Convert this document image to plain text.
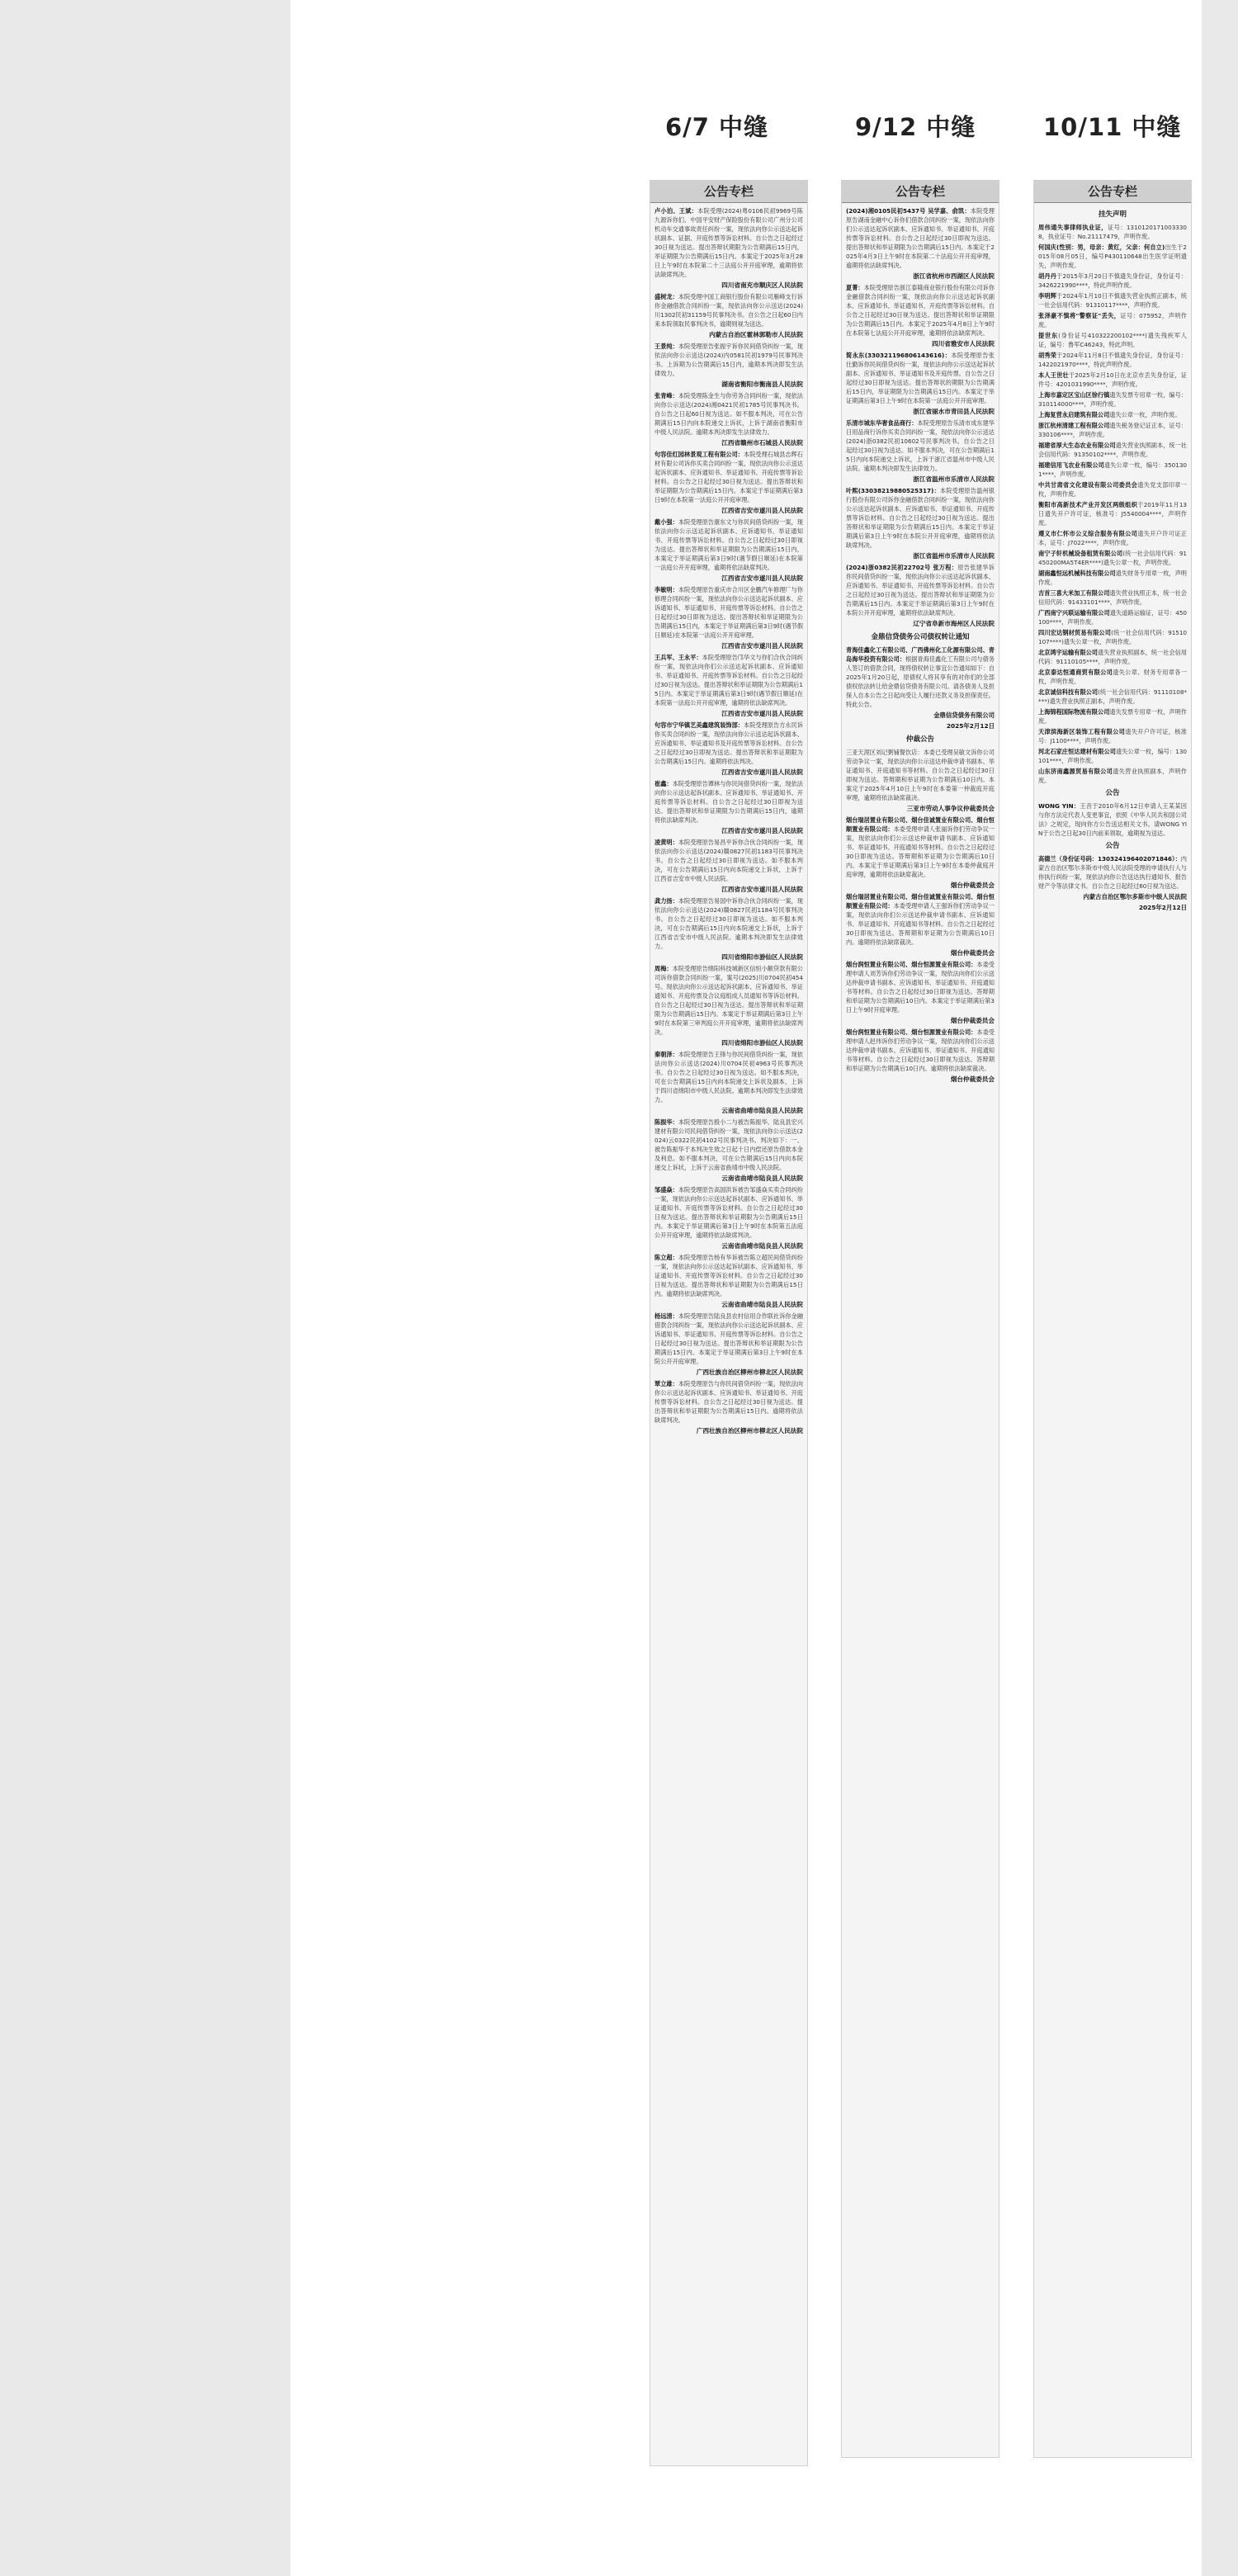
6/7 中缝	9/12 中缝	10/11 中缝
公告专栏

卢小泊、王斌：本院受理(2024)粤0106民初9969号陈九源诉你们、中国平安财产保险股份有限公司广州分公司机动车交通事故责任纠纷一案，现依法向你公示送达起诉状副本、证据、开庭传票等诉讼材料。自公告之日起经过30日视为送达。提出答辩状期限为公告期满后15日内，举证期限为公告期满后15日内。本案定于2025年3月28日上午9时在本院第二十三法庭公开开庭审理，逾期将依法缺席判决。

四川省南充市顺庆区人民法院

盛树龙：本院受理中国工商银行股份有限公司雁峰支行诉你金融借款合同纠纷一案，现依法向你公示送达(2024)川1302民初31159号民事判决书。自公告之日起60日内来本院领取民事判决书，逾期则视为送达。

内蒙古自治区霍林郭勒市人民法院

王景纯：本院受理原告张振宇诉你民间借贷纠纷一案，现依法向你公示送达(2024)内0581民初1979号民事判决书。上诉期为公告期满后15日内，逾期本判决即发生法律效力。

湖南省衡阳市衡南县人民法院

张青峰：本院受理陈金生与你劳务合同纠纷一案，现依法向你公示送达(2024)湘0421民初1785号民事判决书。自公告之日起60日视为送达。如不服本判决，可在公告期满后15日内向本院递交上诉状，上诉于湖南省衡阳市中级人民法院。逾期本判决即发生法律效力。

江西省赣州市石城县人民法院

句容佳红园林景观工程有限公司：本院受理石城县志辉石材有限公司诉你买卖合同纠纷一案，现依法向你公示送达起诉状副本、应诉通知书、举证通知书、开庭传票等诉讼材料。自公告之日起经过30日视为送达。提出答辩状和举证期限为公告期满后15日内。本案定于举证期满后第3日9时在本院第一法庭公开开庭审理。

江西省吉安市遂川县人民法院

戴小强：本院受理原告康东文与你民间借贷纠纷一案，现依法向你公示送达起诉状副本、应诉通知书、举证通知书、开庭传票等诉讼材料。自公告之日起经过30日即视为送达。提出答辩状和举证期限为公告期满后15日内，本案定于举证期满后第3日9时(遇节假日顺延)在本院第一法庭公开开庭审理，逾期将依法缺席判决。

江西省吉安市遂川县人民法院

李敏明：本院受理原告重庆市合川区金鹏汽车修理厂与你修理合同纠纷一案，现依法向你公示送达起诉状副本、应诉通知书、举证通知书、开庭传票等诉讼材料。自公告之日起经过30日即视为送达。提出答辩状和举证期限为公告期满后15日内，本案定于举证期满后第3日9时(遇节假日顺延)在本院第一法庭公开开庭审理。

江西省吉安市遂川县人民法院

王兵军、王永平：本院受理原告邝华文与你们合伙合同纠纷一案，现依法向你们公示送达起诉状副本、应诉通知书、举证通知书、开庭传票等诉讼材料。自公告之日起经过30日视为送达。提出答辩状和举证期限为公告期满后15日内。本案定于举证期满后第3日9时(遇节假日顺延)在本院第一法庭公开开庭审理，逾期将依法缺席判决。

江西省吉安市遂川县人民法院

句容市宁华镇艺美鑫建筑装饰部：本院受理原告方永民诉你买卖合同纠纷一案，现依法向你公示送达起诉状副本、应诉通知书、举证通知书及开庭传票等诉讼材料。自公告之日起经过30日即视为送达。提出答辩状和举证期限为公告期满后15日内。逾期将依法判决。

江西省吉安市遂川县人民法院

崔鑫：本院受理原告谭林与你民间借贷纠纷一案，现依法向你公示送达起诉状副本、应诉通知书、举证通知书、开庭传票等诉讼材料。自公告之日起经过30日即视为送达。提出答辩状和举证期限为公告期满后15日内，逾期将依法缺席判决。

江西省吉安市遂川县人民法院

凌黄明：本院受理原告易昌平诉你合伙合同纠纷一案，现依法向你公示送达(2024)赣0827民初1183号民事判决书。自公告之日起经过30日即视为送达。如不服本判决，可在公告期满后15日内向本院递交上诉状，上诉于江西省吉安市中级人民法院。

江西省吉安市遂川县人民法院

龚力扬：本院受理原告易国中诉你合伙合同纠纷一案，现依法向你公示送达(2024)赣0827民初1184号民事判决书。自公告之日起经过30日即视为送达。如不服本判决，可在公告期满后15日内向本院递交上诉状，上诉于江西省吉安市中级人民法院。逾期本判决即发生法律效力。

四川省绵阳市游仙区人民法院

周梅：本院受理原告绵阳科技城新区信恒小额贷款有限公司诉你借款合同纠纷一案，案号(2025)川0704民初454号。现依法向你公示送达起诉状副本、应诉通知书、举证通知书、开庭传票及合议庭组成人员通知书等诉讼材料。自公告之日起经过30日视为送达。提出答辩状和举证期限为公告期满后15日内。本案定于举证期满后第3日上午9时在本院第三审判庭公开开庭审理，逾期将依法缺席判决。

四川省绵阳市游仙区人民法院

秦朝泽：本院受理原告王锋与你民间借贷纠纷一案，现依法向你公示送达(2024)川0704民初4963号民事判决书。自公告之日起经过30日视为送达。如不服本判决，可在公告期满后15日内向本院递交上诉状及副本，上诉于四川省绵阳市中级人民法院。逾期本判决即发生法律效力。

云南省曲靖市陆良县人民法院

陈振华：本院受理原告殷小二与被告陈振华、陆良县宏兴建材有限公司民间借贷纠纷一案，现依法向你公示送达(2024)云0322民初4102号民事判决书。判决如下：一、被告陈振华于本判决生效之日起十日内偿还原告借款本金及利息。如不服本判决，可在公告期满后15日内向本院递交上诉状，上诉于云南省曲靖市中级人民法院。

云南省曲靖市陆良县人民法院

邹盛焱：本院受理原告高国洪诉被告邹盛焱买卖合同纠纷一案，现依法向你公示送达起诉状副本、应诉通知书、举证通知书、开庭传票等诉讼材料。自公告之日起经过30日视为送达。提出答辩状和举证期限为公告期满后15日内。本案定于举证期满后第3日上午9时在本院第五法庭公开开庭审理，逾期将依法缺席判决。

云南省曲靖市陆良县人民法院

陈立超：本院受理原告杨有华诉被告陈立超民间借贷纠纷一案，现依法向你公示送达起诉状副本、应诉通知书、举证通知书、开庭传票等诉讼材料。自公告之日起经过30日视为送达。提出答辩状和举证期限为公告期满后15日内。逾期将依法缺席判决。

云南省曲靖市陆良县人民法院

杨远清：本院受理原告陆良县农村信用合作联社诉你金融借款合同纠纷一案，现依法向你公示送达起诉状副本、应诉通知书、举证通知书、开庭传票等诉讼材料。自公告之日起经过30日视为送达。提出答辩状和举证期限为公告期满后15日内。本案定于举证期满后第3日上午9时在本院公开开庭审理。

广西壮族自治区柳州市柳北区人民法院

覃立雄：本院受理原告与你民间借贷纠纷一案，现依法向你公示送达起诉状副本、应诉通知书、举证通知书、开庭传票等诉讼材料。自公告之日起经过30日视为送达。提出答辩状和举证期限为公告期满后15日内。逾期将依法缺席判决。

广西壮族自治区柳州市柳北区人民法院
公告专栏

(2024)湘0105民初5437号 吴学嘉、俞凯：本院受理原告湖南金融中心诉你们借款合同纠纷一案，现依法向你们公示送达起诉状副本、应诉通知书、举证通知书、开庭传票等诉讼材料。自公告之日起经过30日即视为送达。提出答辩状和举证期限为公告期满后15日内。本案定于2025年4月3日上午9时在本院第二十法庭公开开庭审理，逾期将依法缺席判决。

浙江省杭州市西湖区人民法院

夏菁：本院受理原告浙江泰隆商业银行股份有限公司诉你金融借款合同纠纷一案，现依法向你公示送达起诉状副本、应诉通知书、举证通知书、开庭传票等诉讼材料。自公告之日起经过30日视为送达。提出答辩状和举证期限为公告期满后15日内。本案定于2025年4月8日上午9时在本院第七法庭公开开庭审理，逾期将依法缺席判决。

四川省雅安市人民法院

简永东(330321196806143616)：本院受理原告张仕勤诉你民间借贷纠纷一案，现依法向你公示送达起诉状副本、应诉通知书、举证通知书及开庭传票。自公告之日起经过30日即视为送达。提出答辩状的期限为公告期满后15日内，举证期限为公告期满后15日内。本案定于举证期满后第3日上午9时在本院第一法庭公开开庭审理。

浙江省丽水市青田县人民法院

乐清市城东华奢食品商行：本院受理原告乐清市成东建华日用品商行诉你买卖合同纠纷一案，现依法向你公示送达(2024)浙0382民初10602号民事判决书。自公告之日起经过30日视为送达。如不服本判决，可在公告期满后15日内向本院递交上诉状，上诉于浙江省温州市中级人民法院。逾期本判决即发生法律效力。

浙江省温州市乐清市人民法院

叶熙(33038219880525317)：本院受理原告温州银行股份有限公司诉你金融借款合同纠纷一案，现依法向你公示送达起诉状副本、应诉通知书、举证通知书、开庭传票等诉讼材料。自公告之日起经过30日视为送达。提出答辩状和举证期限为公告期满后15日内。本案定于举证期满后第3日上午9时在本院公开开庭审理，逾期将依法缺席判决。

浙江省温州市乐清市人民法院

(2024)浙0382民初22702号 张万程：原告张建华诉你民间借贷纠纷一案，现依法向你公示送达起诉状副本、应诉通知书、举证通知书、开庭传票等诉讼材料。自公告之日起经过30日视为送达。提出答辩状和举证期限为公告期满后15日内。本案定于举证期满后第3日上午9时在本院公开开庭审理，逾期将依法缺席判决。

辽宁省阜新市海州区人民法院
金鼎信贷债务公司债权转让通知

青海佳鑫化工有限公司、广西佛州化工化源有限公司、青岛海华投资有限公司：根据青海佳鑫化工有限公司与债务人签订的借款合同，现将债权转让事宜公告通知如下：自2025年1月20日起，原债权人将其享有的对你们的全部债权依法转让给金鼎信贷债务有限公司。请各债务人及担保人自本公告之日起向受让人履行还款义务及担保责任。特此公告。

金鼎信贷债务有限公司
2025年2月12日
仲裁公告

三亚天涯区刘记粥铺餐饮店：本委已受理吴敏文诉你公司劳动争议一案，现依法向你公示送达仲裁申请书副本、举证通知书、开庭通知书等材料。自公告之日起经过30日即视为送达。答辩期和举证期为公告期满后10日内。本案定于2025年4月10日上午9时在本委第一仲裁庭开庭审理，逾期将依法缺席裁决。

三亚市劳动人事争议仲裁委员会

烟台瑞居置业有限公司、烟台佳诚置业有限公司、烟台恒顺置业有限公司：本委受理申请人张丽诉你们劳动争议一案，现依法向你们公示送达仲裁申请书副本、应诉通知书、举证通知书、开庭通知书等材料。自公告之日起经过30日即视为送达。答辩期和举证期为公告期满后10日内。本案定于举证期满后第3日上午9时在本委仲裁庭开庭审理，逾期将依法缺席裁决。

烟台仲裁委员会

烟台瑞居置业有限公司、烟台佳诚置业有限公司、烟台恒顺置业有限公司：本委受理申请人王强诉你们劳动争议一案，现依法向你们公示送达仲裁申请书副本、应诉通知书、举证通知书、开庭通知书等材料。自公告之日起经过30日即视为送达。答辩期和举证期为公告期满后10日内。逾期将依法缺席裁决。

烟台仲裁委员会

烟台润恒置业有限公司、烟台恒源置业有限公司：本委受理申请人刘芳诉你们劳动争议一案，现依法向你们公示送达仲裁申请书副本、应诉通知书、举证通知书、开庭通知书等材料。自公告之日起经过30日即视为送达。答辩期和举证期为公告期满后10日内。本案定于举证期满后第3日上午9时开庭审理。

烟台仲裁委员会

烟台润恒置业有限公司、烟台恒源置业有限公司：本委受理申请人赵伟诉你们劳动争议一案，现依法向你们公示送达仲裁申请书副本、应诉通知书、举证通知书、开庭通知书等材料。自公告之日起经过30日即视为送达。答辩期和举证期为公告期满后10日内。逾期将依法缺席裁决。

烟台仲裁委员会
公告专栏
挂失声明

周伟通失事律师执业证，证号：13101201710033308，执业证号：No.21117479，声明作废。

何国庆(性别：男，母亲：黄红，父亲：何自立)出生于2015年08月05日，编号P430110648出生医学证明遗失，声明作废。

胡丹丹于2015年3月20日不慎遗失身份证，身份证号：3426221990****，特此声明作废。

李明辉于2024年1月10日不慎遗失营业执照正副本，统一社会信用代码：91310117****，声明作废。

张泽豪不慎将"警察证"丢失，证号：075952，声明作废。

提世东(身份证号410322200102****)遗失残疾军人证，编号：鲁军C46243，特此声明。

胡秀荣于2024年11月8日不慎遗失身份证，身份证号：1422021970****，特此声明作废。

本人王世壮于2025年2月10日在北京市丢失身份证，证件号：4201031990****，声明作废。

上海市嘉定区宝山区徐行镇遗失发票专用章一枚，编号：310114000****，声明作废。

上海复营永启建筑有限公司遗失公章一枚，声明作废。

浙江杭州清建工程有限公司遗失税务登记证正本，证号：330106****，声明作废。

福建省厚大生态农业有限公司遗失营业执照副本，统一社会信用代码：91350102****，声明作废。

福建信用飞农业有限公司遗失公章一枚，编号：3501301****，声明作废。

中共甘肃省文化建设有限公司委员会遗失党支部印章一枚，声明作废。

衡阳市高新技术产业开发区两级组织于2019年11月13日遗失开户许可证，核准号：J5540004****，声明作废。

遵义市仁怀市公义综合服务有限公司遗失开户许可证正本，证号：J7022****，声明作废。

南宁子轩机械设备租赁有限公司(统一社会信用代码：91450200MA5T4ER****)遗失公章一枚，声明作废。

湖南鑫恒远机械科技有限公司遗失财务专用章一枚，声明作废。

吉首三喜大米加工有限公司遗失营业执照正本，统一社会信用代码：91433101****，声明作废。

广西南宁兴联运输有限公司遗失道路运输证，证号：450100****，声明作废。

四川宏达钢材贸易有限公司(统一社会信用代码：91510107****)遗失公章一枚，声明作废。

北京鸿宇运输有限公司遗失营业执照副本，统一社会信用代码：91110105****，声明作废。

北京泰达恒通商贸有限公司遗失公章、财务专用章各一枚，声明作废。

北京诚信科技有限公司(统一社会信用代码：91110108****)遗失营业执照正副本，声明作废。

上海锦程国际物流有限公司遗失发票专用章一枚，声明作废。

天津滨海新区装饰工程有限公司遗失开户许可证，核准号：J1100****，声明作废。

河北石家庄恒达建材有限公司遗失公章一枚，编号：130101****，声明作废。

山东济南鑫源贸易有限公司遗失营业执照副本，声明作废。

公告

WONG YIN：王音于2010年6月12日申请人王某某因与你方法定代表人变更事宜，依照《中华人民共和国公司法》之规定，现向你方公告送达相关文书。请WONG YIN于公告之日起30日内前来领取，逾期视为送达。

公告

高德兰（身份证号码：130324196402071846）：内蒙古自治区鄂尔多斯市中级人民法院受理的申请执行人与你执行纠纷一案，现依法向你公告送达执行通知书、报告财产令等法律文书。自公告之日起经过60日视为送达。

内蒙古自治区鄂尔多斯市中级人民法院
2025年2月12日
